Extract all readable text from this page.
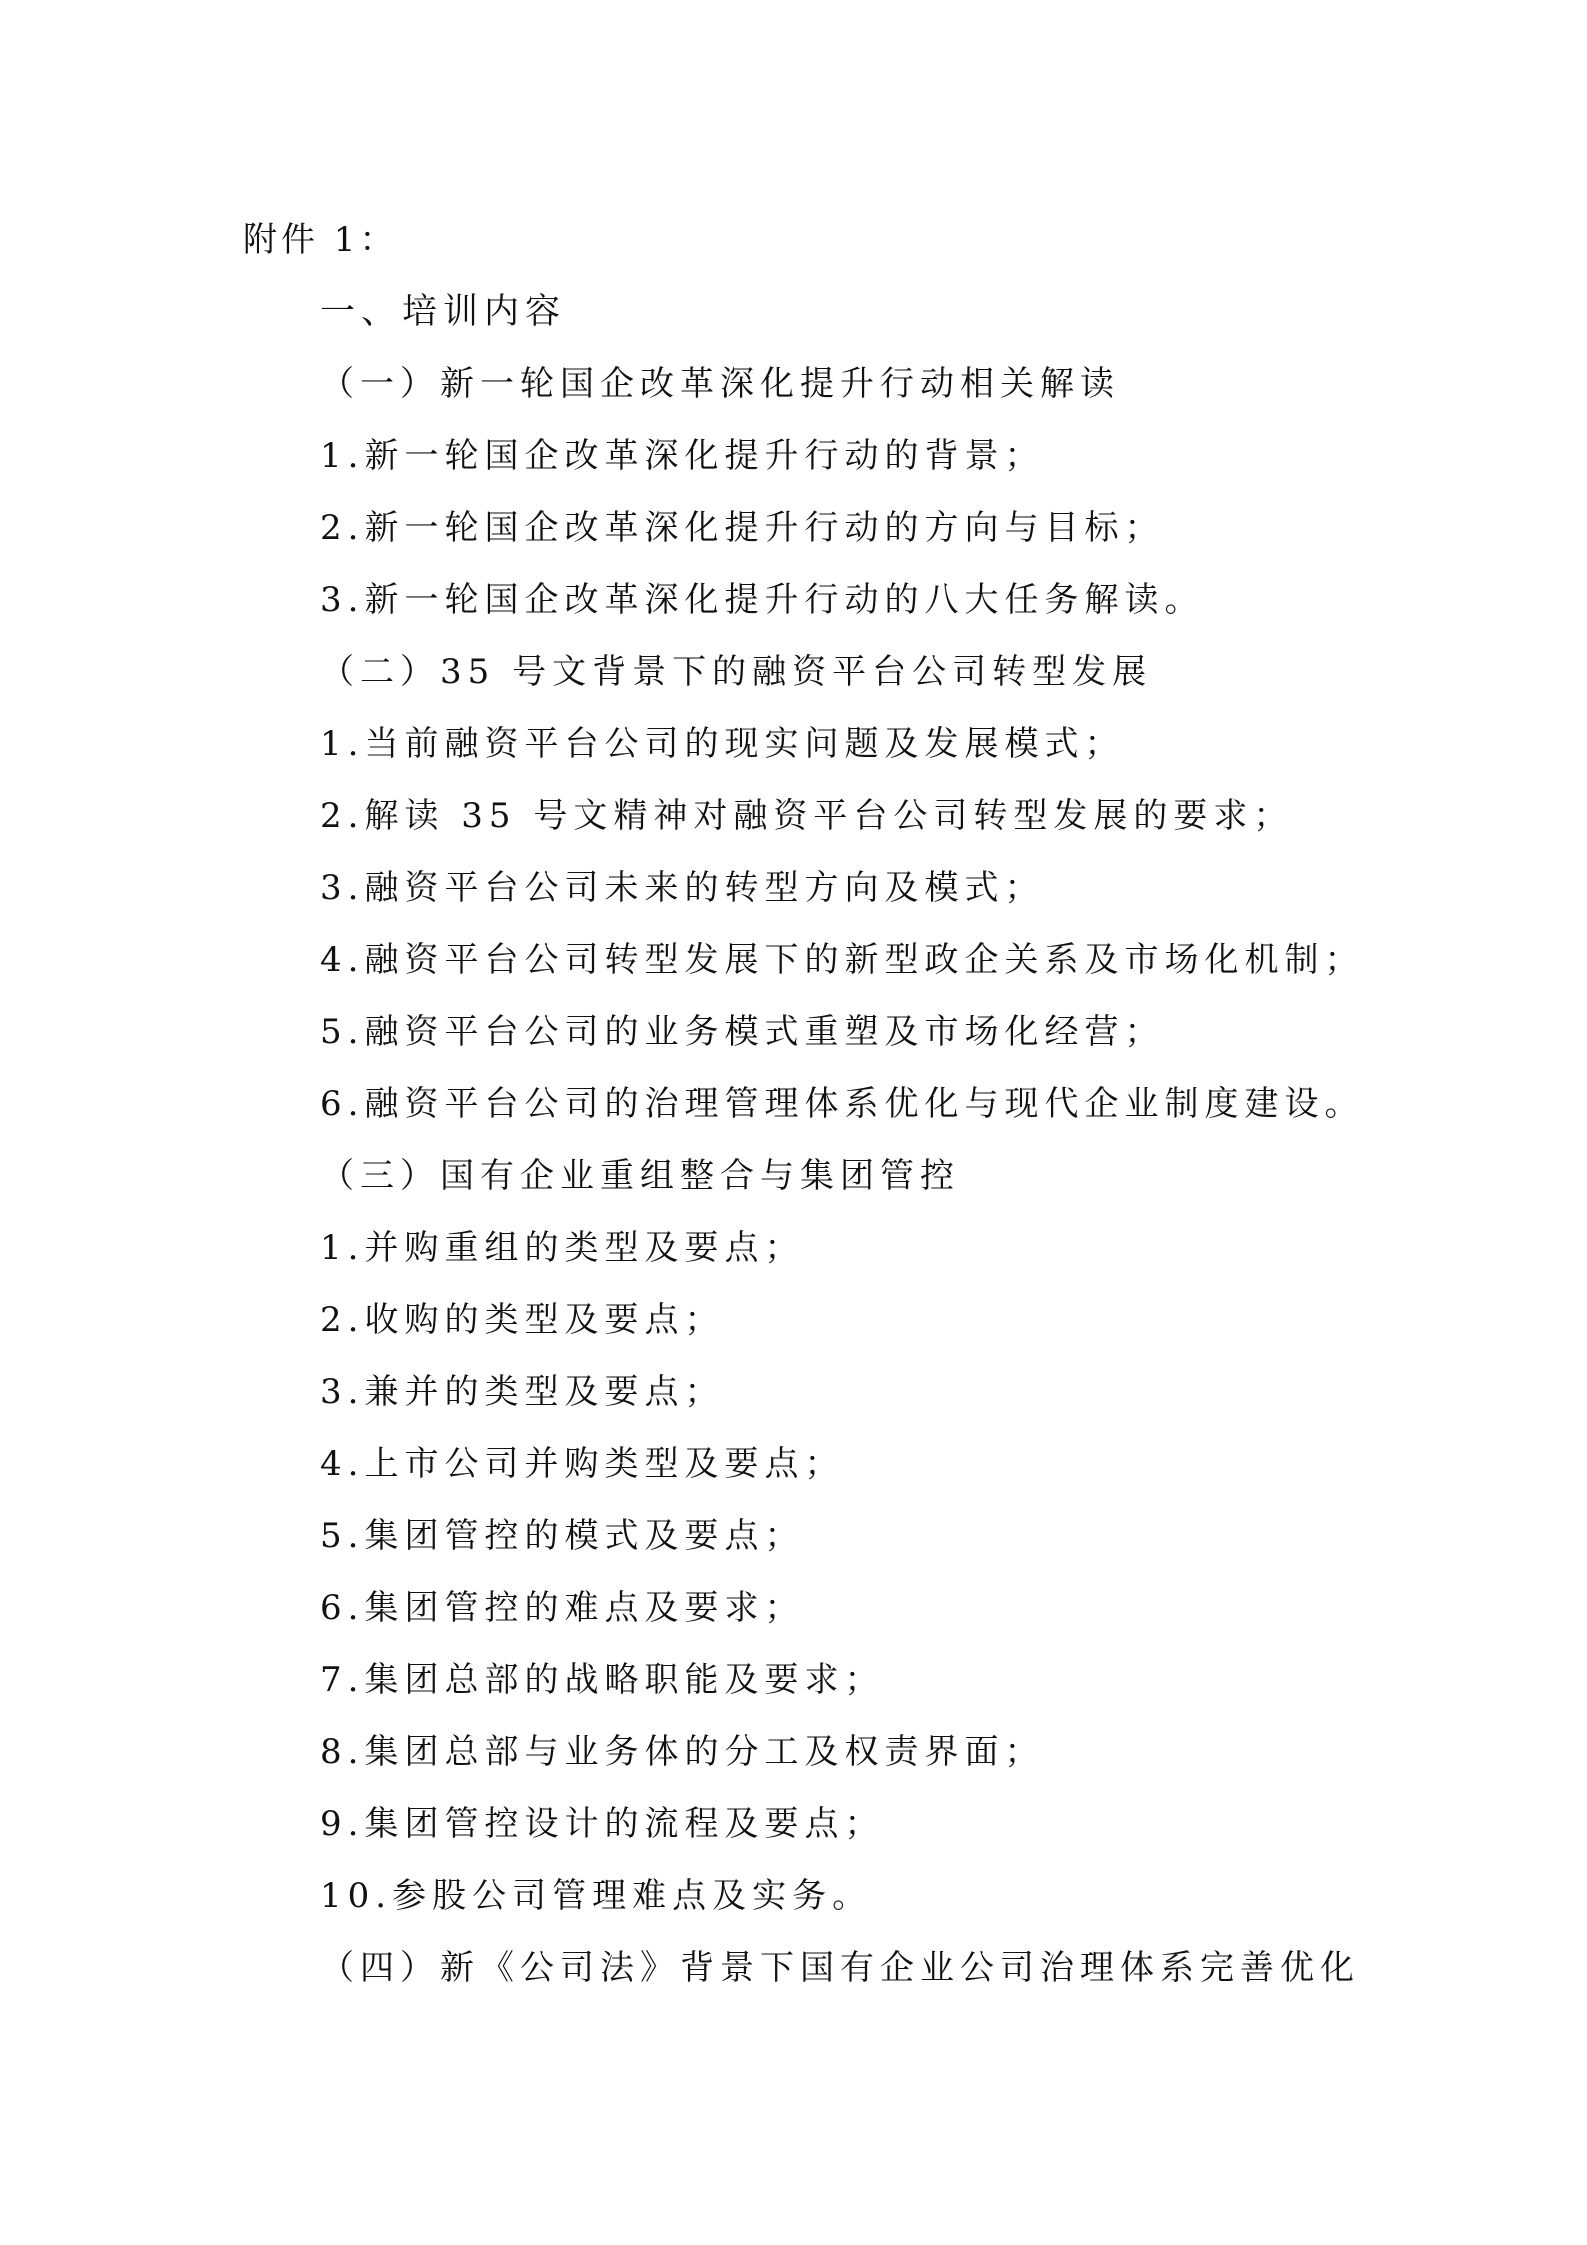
附件 1：
一、培训内容
（一）新一轮国企改革深化提升行动相关解读
1.新一轮国企改革深化提升行动的背景；
2.新一轮国企改革深化提升行动的方向与目标；
3.新一轮国企改革深化提升行动的八大任务解读。
（二）35 号文背景下的融资平台公司转型发展
1.当前融资平台公司的现实问题及发展模式；
2.解读 35 号文精神对融资平台公司转型发展的要求；
3.融资平台公司未来的转型方向及模式；
4.融资平台公司转型发展下的新型政企关系及市场化机制；
5.融资平台公司的业务模式重塑及市场化经营；
6.融资平台公司的治理管理体系优化与现代企业制度建设。
（三）国有企业重组整合与集团管控
1.并购重组的类型及要点；
2.收购的类型及要点；
3.兼并的类型及要点；
4.上市公司并购类型及要点；
5.集团管控的模式及要点；
6.集团管控的难点及要求；
7.集团总部的战略职能及要求；
8.集团总部与业务体的分工及权责界面；
9.集团管控设计的流程及要点；
10.参股公司管理难点及实务。
（四）新《公司法》背景下国有企业公司治理体系完善优化
